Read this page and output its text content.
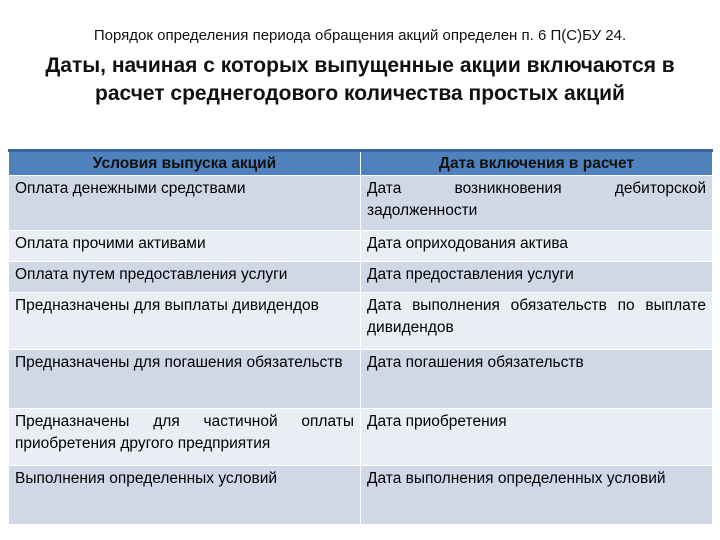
Порядок определения периода обращения акций определен п. 6 П(С)БУ 24.
Даты, начиная с которых выпущенные акции включаются в расчет среднегодового количества простых акций
Условия выпуска акций	Дата включения в расчет
Оплата денежными средствами	Дата возникновения дебиторской задолженности
Оплата прочими активами	Дата оприходования актива
Оплата путем предоставления услуги	Дата предоставления услуги
Предназначены для выплаты дивидендов	Дата выполнения обязательств по выплате дивидендов
Предназначены для погашения обязательств	Дата погашения обязательств
Предназначены для частичной оплаты приобретения другого предприятия	Дата приобретения
Выполнения определенных условий	Дата выполнения определенных условий
